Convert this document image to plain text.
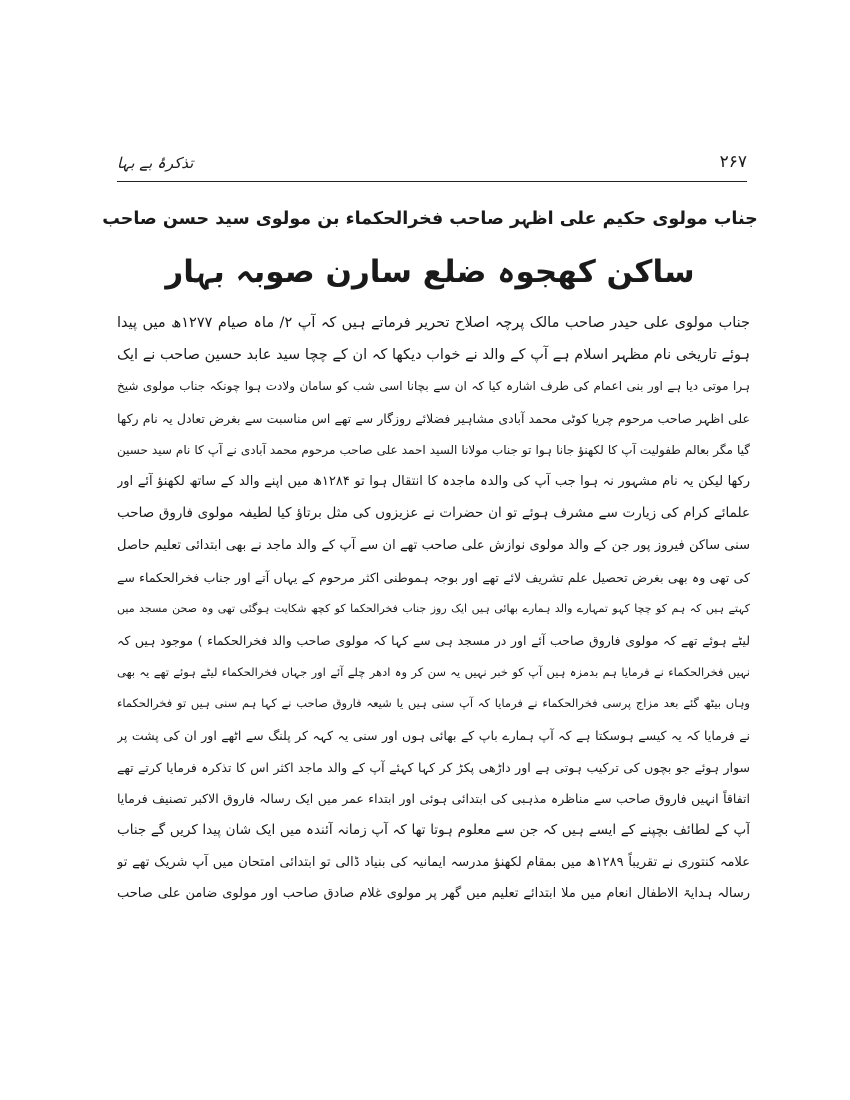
تذکرۂ بے بہا	۲۶۷
جناب مولوی حکیم علی اظہر صاحب فخرالحکماء بن مولوی سید حسن صاحب
ساکن کھجوہ ضلع سارن صوبہ بہار
جناب مولوی علی حیدر صاحب مالک پرچہ اصلاح تحریر فرماتے ہیں کہ آپ ۲/ ماہ صیام ۱۲۷۷ھ میں پیدا
ہوئے تاریخی نام مظہر اسلام ہے آپ کے والد نے خواب دیکھا کہ ان کے چچا سید عابد حسین صاحب نے ایک
ہرا موتی دیا ہے اور بنی اعمام کی طرف اشارہ کیا کہ ان سے بچانا اسی شب کو سامان ولادت ہوا چونکہ جناب مولوی شیخ
علی اظہر صاحب مرحوم چریا کوٹی محمد آبادی مشاہیر فضلائے روزگار سے تھے اس مناسبت سے بغرض تعادل یہ نام رکھا
گیا مگر بعالم طفولیت آپ کا لکھنؤ جانا ہوا تو جناب مولانا السید احمد علی صاحب مرحوم محمد آبادی نے آپ کا نام سید حسین
رکھا لیکن یہ نام مشہور نہ ہوا جب آپ کی والدہ ماجدہ کا انتقال ہوا تو ۱۲۸۴ھ میں اپنے والد کے ساتھ لکھنؤ آئے اور
علمائے کرام کی زیارت سے مشرف ہوئے تو ان حضرات نے عزیزوں کی مثل برتاؤ کیا لطیفہ مولوی فاروق صاحب
سنی ساکن فیروز پور جن کے والد مولوی نوازش علی صاحب تھے ان سے آپ کے والد ماجد نے بھی ابتدائی تعلیم حاصل
کی تھی وہ بھی بغرض تحصیل علم تشریف لائے تھے اور بوجہ ہموطنی اکثر مرحوم کے یہاں آتے اور جناب فخرالحکماء سے
کہتے ہیں کہ ہم کو چچا کہو تمہارے والد ہمارے بھائی ہیں ایک روز جناب فخرالحکما کو کچھ شکایت ہوگئی تھی وہ صحن مسجد میں
لیٹے ہوئے تھے کہ مولوی فاروق صاحب آئے اور در مسجد ہی سے کہا کہ مولوی صاحب والد فخرالحکماء ) موجود ہیں کہ
نہیں فخرالحکماء نے فرمایا ہم بدمزہ ہیں آپ کو خبر نہیں یہ سن کر وہ ادھر چلے آئے اور جہاں فخرالحکماء لیٹے ہوئے تھے یہ بھی
وہاں بیٹھ گئے بعد مزاج پرسی فخرالحکماء نے فرمایا کہ آپ سنی ہیں یا شیعہ فاروق صاحب نے کہا ہم سنی ہیں تو فخرالحکماء
نے فرمایا کہ یہ کیسے ہوسکتا ہے کہ آپ ہمارے باپ کے بھائی ہوں اور سنی یہ کہہ کر پلنگ سے اٹھے اور ان کی پشت پر
سوار ہوئے جو بچوں کی ترکیب ہوتی ہے اور داڑھی پکڑ کر کہا کہئے آپ کے والد ماجد اکثر اس کا تذکرہ فرمایا کرتے تھے
اتفاقاً انہیں فاروق صاحب سے مناظرہ مذہبی کی ابتدائی ہوئی اور ابتداء عمر میں ایک رسالہ فاروق الاکبر تصنیف فرمایا
آپ کے لطائف بچپنے کے ایسے ہیں کہ جن سے معلوم ہوتا تھا کہ آپ زمانہ آئندہ میں ایک شان پیدا کریں گے جناب
علامہ کنتوری نے تقریباً ۱۲۸۹ھ میں بمقام لکھنؤ مدرسہ ایمانیہ کی بنیاد ڈالی تو ابتدائی امتحان میں آپ شریک تھے تو
رسالہ ہدایۃ الاطفال انعام میں ملا ابتدائے تعلیم میں گھر پر مولوی غلام صادق صاحب اور مولوی ضامن علی صاحب
